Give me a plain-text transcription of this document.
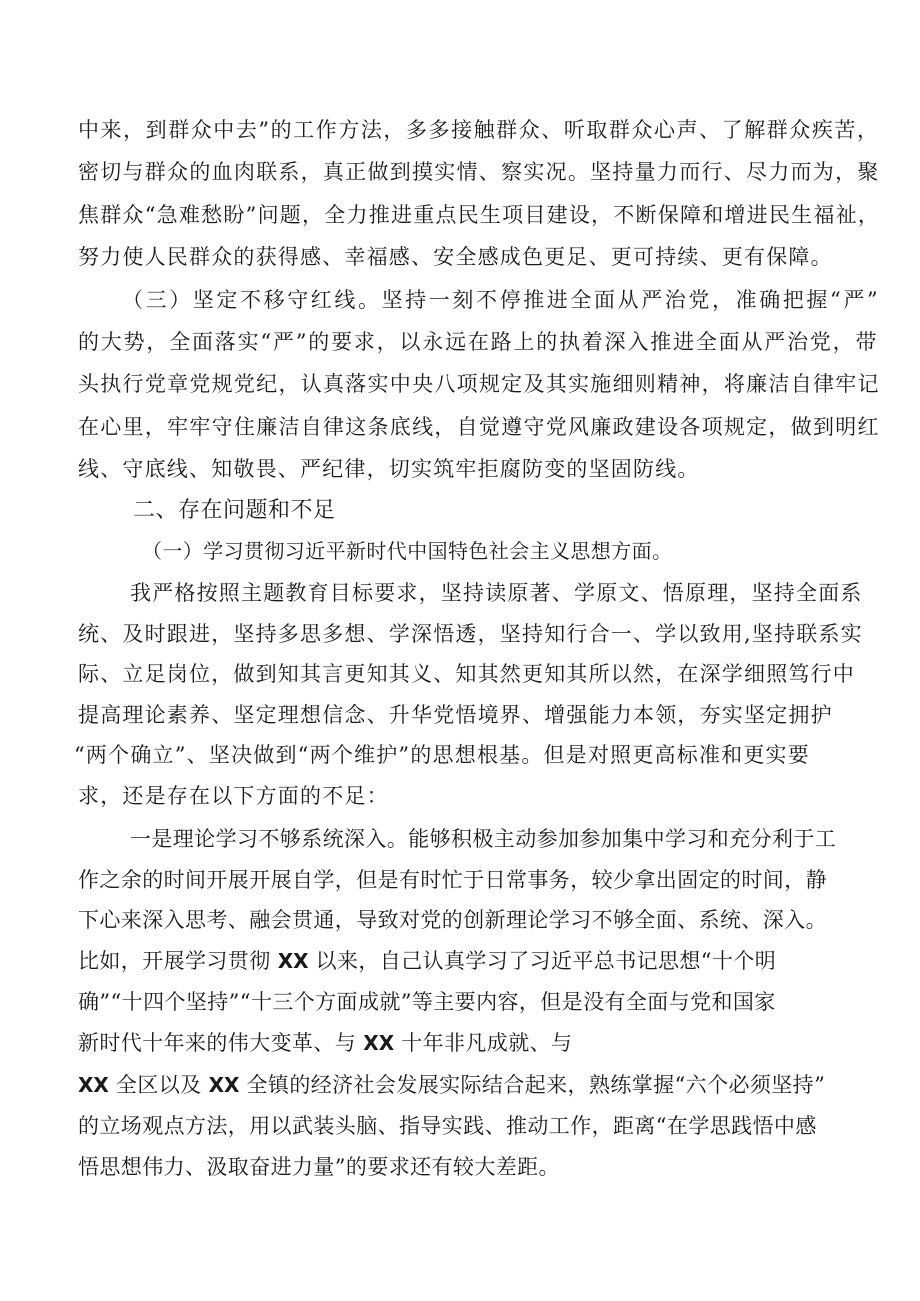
中来，到群众中去”的工作方法，多多接触群众、听取群众心声、了解群众疾苦，
密切与群众的血肉联系，真正做到摸实情、察实况。坚持量力而行、尽力而为，聚
焦群众“急难愁盼”问题，全力推进重点民生项目建设，不断保障和增进民生福祉，
努力使人民群众的获得感、幸福感、安全感成色更足、更可持续、更有保障。
（三）坚定不移守红线。坚持一刻不停推进全面从严治党，准确把握“严”
的大势，全面落实“严”的要求，以永远在路上的执着深入推进全面从严治党，带
头执行党章党规党纪，认真落实中央八项规定及其实施细则精神，将廉洁自律牢记
在心里，牢牢守住廉洁自律这条底线，自觉遵守党风廉政建设各项规定，做到明红
线、守底线、知敬畏、严纪律，切实筑牢拒腐防变的坚固防线。
二、存在问题和不足
（一）学习贯彻习近平新时代中国特色社会主义思想方面。
我严格按照主题教育目标要求，坚持读原著、学原文、悟原理，坚持全面系
统、及时跟进，坚持多思多想、学深悟透，坚持知行合一、学以致用,坚持联系实
际、立足岗位，做到知其言更知其义、知其然更知其所以然，在深学细照笃行中
提高理论素养、坚定理想信念、升华党悟境界、增强能力本领，夯实坚定拥护
“两个确立”、坚决做到“两个维护”的思想根基。但是对照更高标准和更实要
求，还是存在以下方面的不足：
一是理论学习不够系统深入。能够积极主动参加参加集中学习和充分利于工
作之余的时间开展开展自学，但是有时忙于日常事务，较少拿出固定的时间，静
下心来深入思考、融会贯通，导致对党的创新理论学习不够全面、系统、深入。
比如，开展学习贯彻 XX 以来，自己认真学习了习近平总书记思想“十个明
确”“十四个坚持”“十三个方面成就”等主要内容，但是没有全面与党和国家
新时代十年来的伟大变革、与 XX 十年非凡成就、与
XX 全区以及 XX 全镇的经济社会发展实际结合起来，熟练掌握“六个必须坚持”
的立场观点方法，用以武装头脑、指导实践、推动工作，距离“在学思践悟中感
悟思想伟力、汲取奋进力量”的要求还有较大差距。
